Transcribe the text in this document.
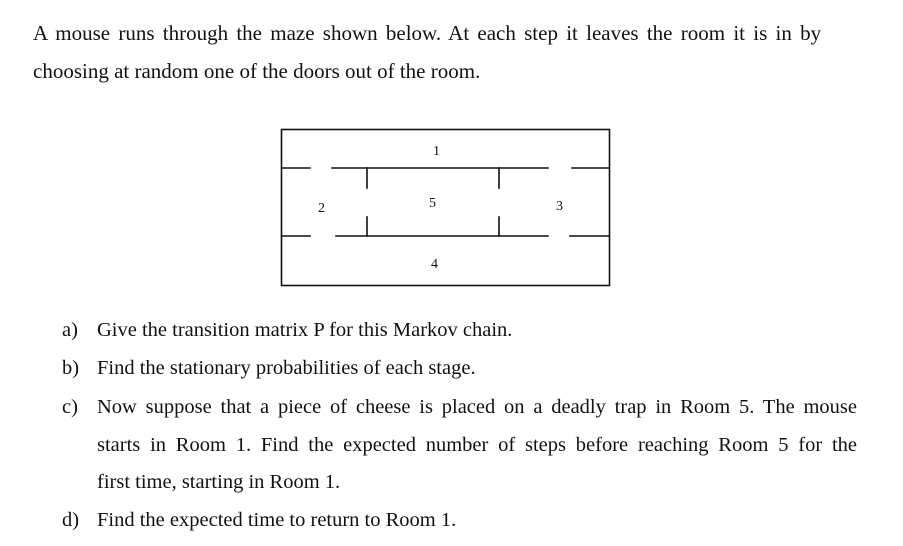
A mouse runs through the maze shown below. At each step it leaves the room it is in by
choosing at random one of the doors out of the room.
1
2	3
4
5
a) Give the transition matrix P for this Markov chain.
b) Find the stationary probabilities of each stage.
c) Now suppose that a piece of cheese is placed on a deadly trap in Room 5. The mouse
starts in Room 1. Find the expected number of steps before reaching Room 5 for the
first time, starting in Room 1.
d) Find the expected time to return to Room 1.
